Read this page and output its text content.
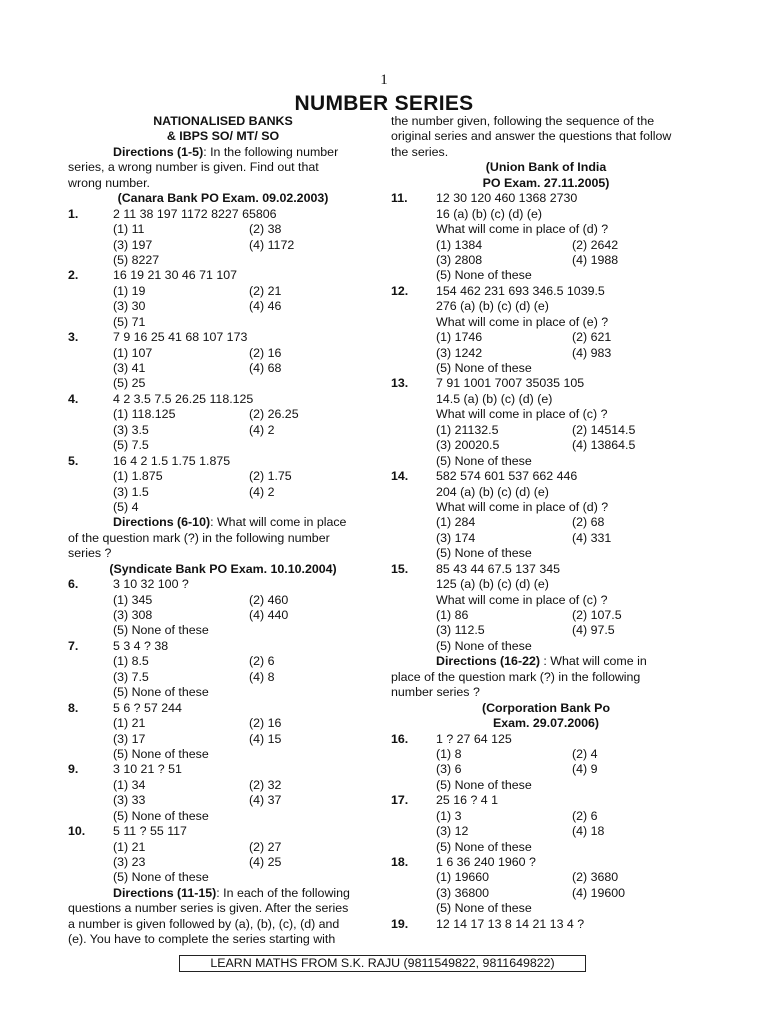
1
NUMBER SERIES
NATIONALISED BANKS
& IBPS SO/ MT/ SO
Directions (1-5): In the following number
series, a wrong number is given. Find out that
wrong number.
(Canara Bank PO Exam. 09.02.2003)
1.	2 11 38 197 1172 8227 65806
(1) 11	(2) 38
(3) 197	(4) 1172
(5) 8227
2.	16 19 21 30 46 71 107
(1) 19	(2) 21
(3) 30	(4) 46
(5) 71
3.	7 9 16 25 41 68 107 173
(1) 107	(2) 16
(3) 41	(4) 68
(5) 25
4.	4 2 3.5 7.5 26.25 118.125
(1) 118.125	(2) 26.25
(3) 3.5	(4) 2
(5) 7.5
5.	16 4 2 1.5 1.75 1.875
(1) 1.875	(2) 1.75
(3) 1.5	(4) 2
(5) 4
Directions (6-10): What will come in place
of the question mark (?) in the following number
series ?
(Syndicate Bank PO Exam. 10.10.2004)
6.	3 10 32 100 ?
(1) 345	(2) 460
(3) 308	(4) 440
(5) None of these
7.	5 3 4 ? 38
(1) 8.5	(2) 6
(3) 7.5	(4) 8
(5) None of these
8.	5 6 ? 57 244
(1) 21	(2) 16
(3) 17	(4) 15
(5) None of these
9.	3 10 21 ? 51
(1) 34	(2) 32
(3) 33	(4) 37
(5) None of these
10. 5 11 ? 55 117
(1) 21	(2) 27
(3) 23	(4) 25
(5) None of these
Directions (11-15): In each of the following
questions a number series is given. After the series
a number is given followed by (a), (b), (c), (d) and
(e). You have to complete the series starting with
the number given, following the sequence of the
original series and answer the questions that follow
the series.
(Union Bank of India
PO Exam. 27.11.2005)
11. 12 30 120 460 1368 2730
16 (a) (b) (c) (d) (e)
What will come in place of (d) ?
(1) 1384	(2) 2642
(3) 2808	(4) 1988
(5) None of these
12. 154 462 231 693 346.5 1039.5
276 (a) (b) (c) (d) (e)
What will come in place of (e) ?
(1) 1746	(2) 621
(3) 1242	(4) 983
(5) None of these
13. 7 91 1001 7007 35035 105
14.5 (a) (b) (c) (d) (e)
What will come in place of (c) ?
(1) 21132.5	(2) 14514.5
(3) 20020.5	(4) 13864.5
(5) None of these
14. 582 574 601 537 662 446
204 (a) (b) (c) (d) (e)
What will come in place of (d) ?
(1) 284	(2) 68
(3) 174	(4) 331
(5) None of these
15. 85 43 44 67.5 137 345
125 (a) (b) (c) (d) (e)
What will come in place of (c) ?
(1) 86	(2) 107.5
(3) 112.5	(4) 97.5
(5) None of these
Directions (16-22) : What will come in
place of the question mark (?) in the following
number series ?
(Corporation Bank Po
Exam. 29.07.2006)
16. 1 ? 27 64 125
(1) 8	(2) 4
(3) 6	(4) 9
(5) None of these
17. 25 16 ? 4 1
(1) 3	(2) 6
(3) 12	(4) 18
(5) None of these
18. 1 6 36 240 1960 ?
(1) 19660	(2) 3680
(3) 36800	(4) 19600
(5) None of these
19. 12 14 17 13 8 14 21 13 4 ?
LEARN MATHS FROM S.K. RAJU (9811549822, 9811649822)
